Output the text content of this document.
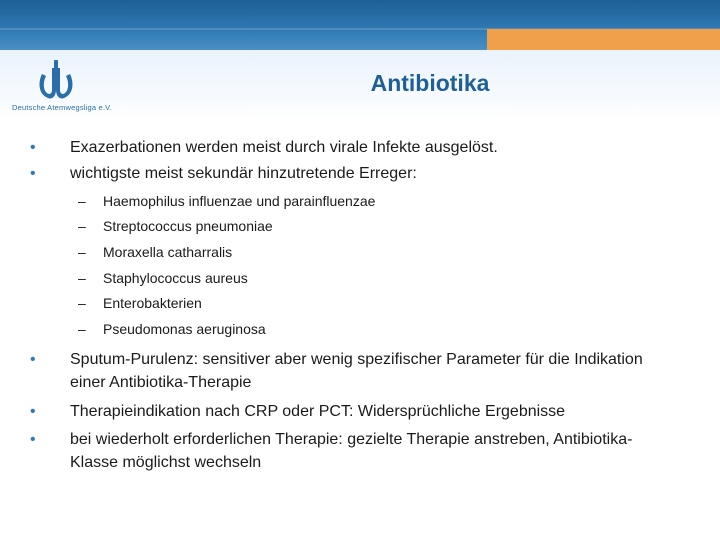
Deutsche Atemwegsliga e.V.
Antibiotika
•	Exazerbationen werden meist durch virale Infekte ausgelöst.
•	wichtigste meist sekundär hinzutretende Erreger:
– Haemophilus influenzae und parainfluenzae
– Streptococcus pneumoniae
– Moraxella catharralis
– Staphylococcus aureus
– Enterobakterien
– Pseudomonas aeruginosa
•	Sputum-Purulenz: sensitiver aber wenig spezifischer Parameter für die Indikation einer Antibiotika-Therapie
•	Therapieindikation nach CRP oder PCT: Widersprüchliche Ergebnisse
•	bei wiederholt erforderlichen Therapie: gezielte Therapie anstreben, Antibiotika-Klasse möglichst wechseln
